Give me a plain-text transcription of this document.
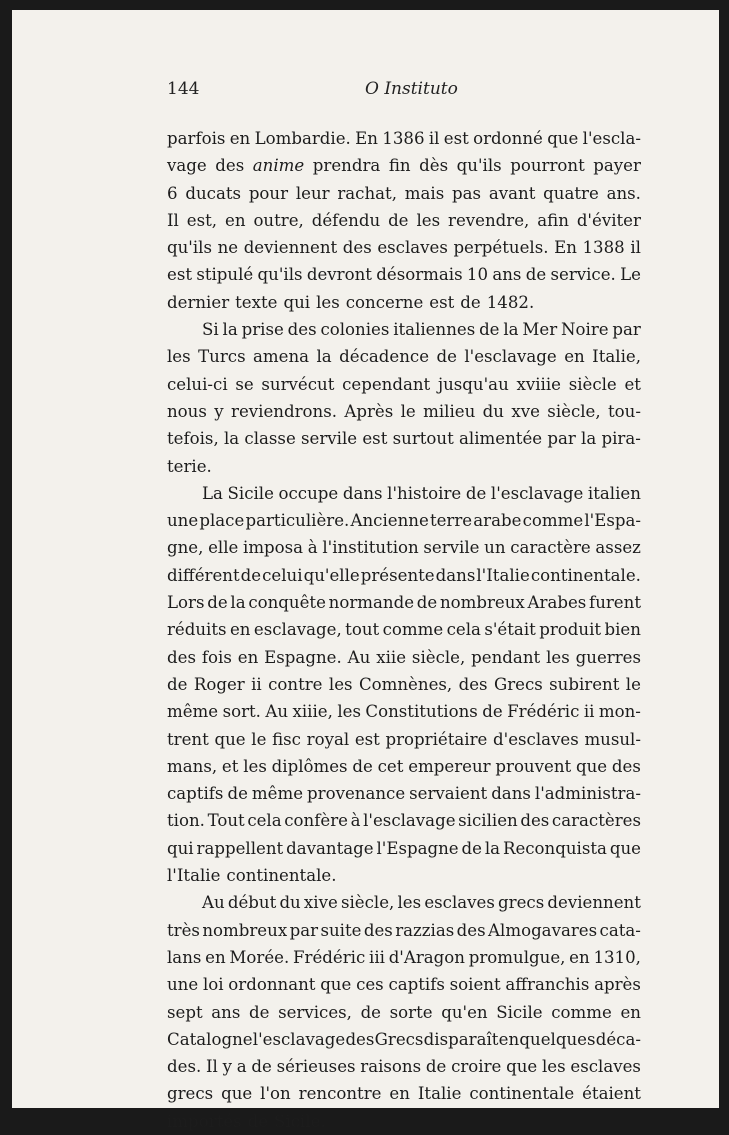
144	O Instituto
parfois en Lombardie. En 1386 il est ordonné que l'escla-
vage des anime prendra fin dès qu'ils pourront payer
6 ducats pour leur rachat, mais pas avant quatre ans.
Il est, en outre, défendu de les revendre, afin d'éviter
qu'ils ne deviennent des esclaves perpétuels. En 1388 il
est stipulé qu'ils devront désormais 10 ans de service. Le
dernier texte qui les concerne est de 1482.
Si la prise des colonies italiennes de la Mer Noire par
les Turcs amena la décadence de l'esclavage en Italie,
celui-ci se survécut cependant jusqu'au xviiie siècle et
nous y reviendrons. Après le milieu du xve siècle, tou-
tefois, la classe servile est surtout alimentée par la pira-
terie.
La Sicile occupe dans l'histoire de l'esclavage italien
une place particulière. Ancienne terre arabe comme l'Espa-
gne, elle imposa à l'institution servile un caractère assez
différent de celui qu'elle présente dans l'Italie continentale.
Lors de la conquête normande de nombreux Arabes furent
réduits en esclavage, tout comme cela s'était produit bien
des fois en Espagne. Au xiie siècle, pendant les guerres
de Roger ii contre les Comnènes, des Grecs subirent le
même sort. Au xiiie, les Constitutions de Frédéric ii mon-
trent que le fisc royal est propriétaire d'esclaves musul-
mans, et les diplômes de cet empereur prouvent que des
captifs de même provenance servaient dans l'administra-
tion. Tout cela confère à l'esclavage sicilien des caractères
qui rappellent davantage l'Espagne de la Reconquista que
l'Italie continentale.
Au début du xive siècle, les esclaves grecs deviennent
très nombreux par suite des razzias des Almogavares cata-
lans en Morée. Frédéric iii d'Aragon promulgue, en 1310,
une loi ordonnant que ces captifs soient affranchis après
sept ans de services, de sorte qu'en Sicile comme en
Catalogne l'esclavage des Grecs disparaît en quelques déca-
des. Il y a de sérieuses raisons de croire que les esclaves
grecs que l'on rencontre en Italie continentale étaient
importés de Sicile.
